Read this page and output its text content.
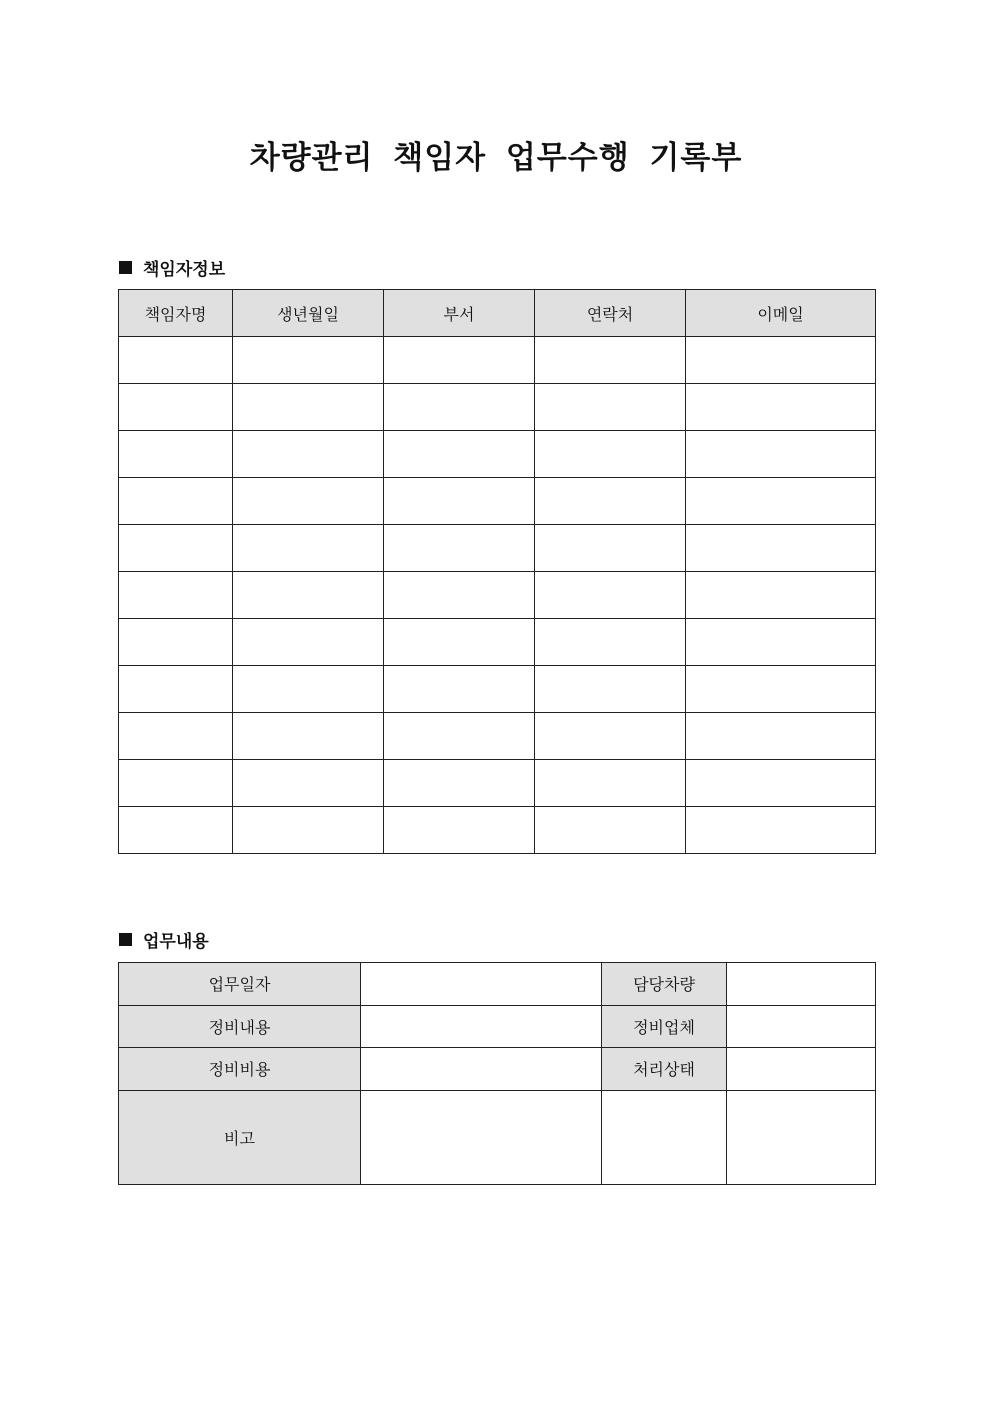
차량관리 책임자 업무수행 기록부
책임자정보
책임자명	생년월일	부서	연락처	이메일

업무내용
업무일자		담당차량	
정비내용		정비업체	
정비비용		처리상태	
비고			
